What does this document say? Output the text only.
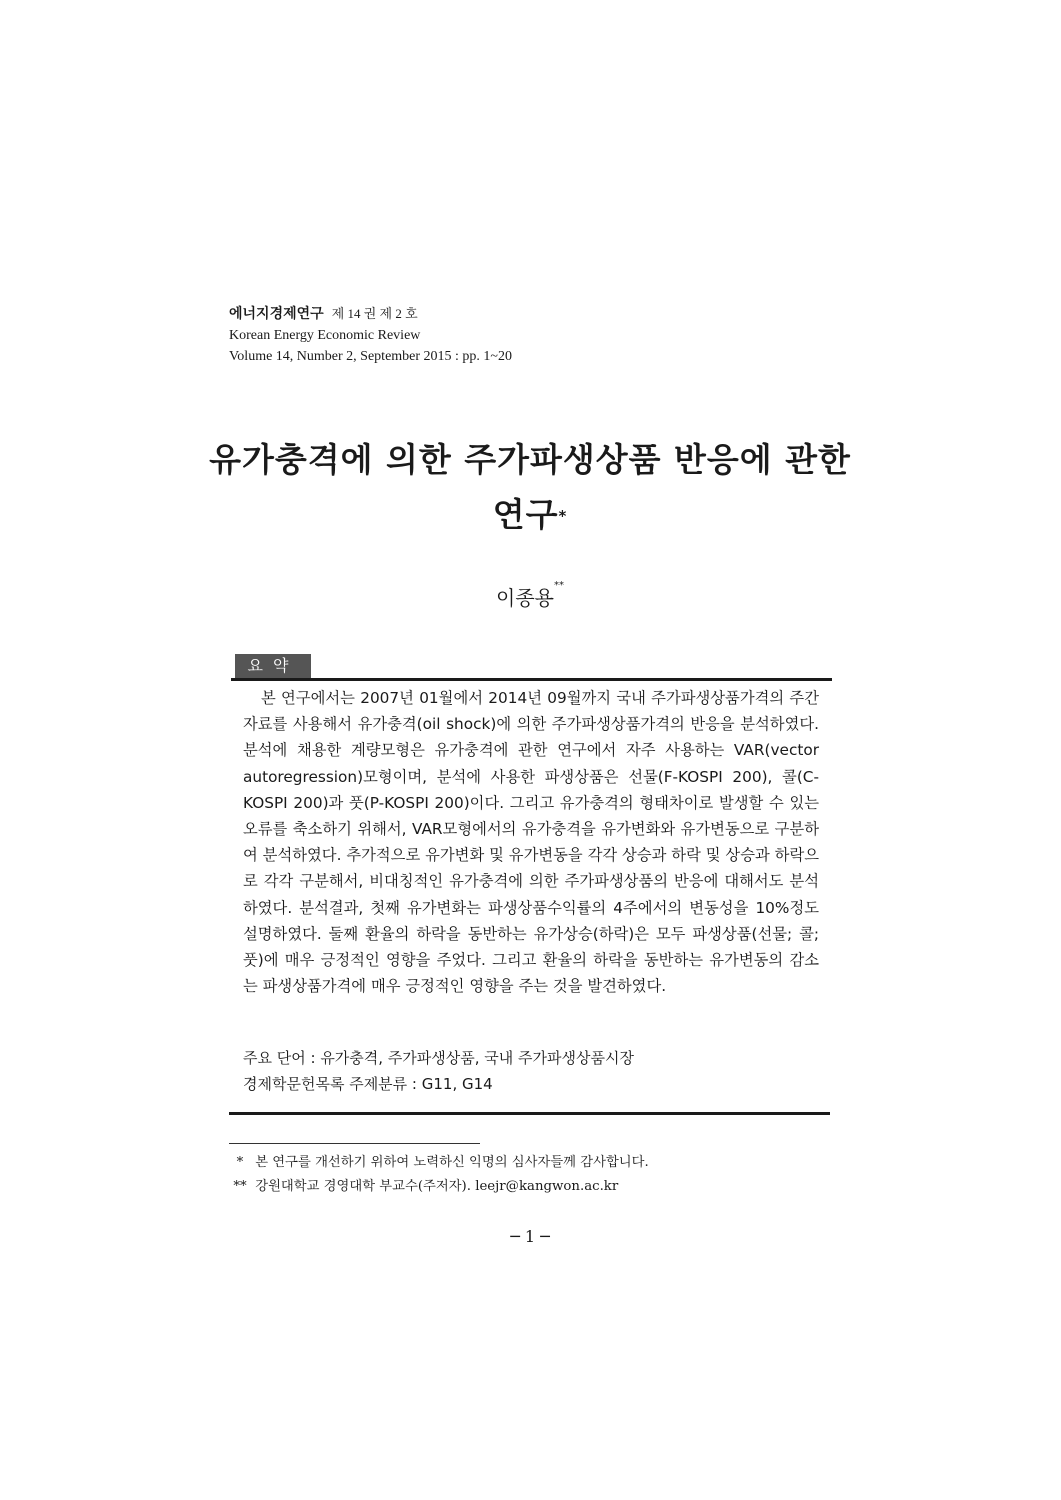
에너지경제연구 제 14 권 제 2 호
Korean Energy Economic Review
Volume 14, Number 2, September 2015 : pp. 1~20
유가충격에 의한 주가파생상품 반응에 관한
연구*
이종용**
요약

본 연구에서는 2007년 01월에서 2014년 09월까지 국내 주가파생상품가격의 주간자료를 사용해서 유가충격(oil shock)에 의한 주가파생상품가격의 반응을 분석하였다. 분석에 채용한 계량모형은 유가충격에 관한 연구에서 자주 사용하는 VAR(vector autoregression)모형이며, 분석에 사용한 파생상품은 선물(F-KOSPI 200), 콜(C-KOSPI 200)과 풋(P-KOSPI 200)이다. 그리고 유가충격의 형태차이로 발생할 수 있는 오류를 축소하기 위해서, VAR모형에서의 유가충격을 유가변화와 유가변동으로 구분하여 분석하였다. 추가적으로 유가변화 및 유가변동을 각각 상승과 하락 및 상승과 하락으로 각각 구분해서, 비대칭적인 유가충격에 의한 주가파생상품의 반응에 대해서도 분석하였다. 분석결과, 첫째 유가변화는 파생상품수익률의 4주에서의 변동성을 10%정도 설명하였다. 둘째 환율의 하락을 동반하는 유가상승(하락)은 모두 파생상품(선물; 콜; 풋)에 매우 긍정적인 영향을 주었다. 그리고 환율의 하락을 동반하는 유가변동의 감소는 파생상품가격에 매우 긍정적인 영향을 주는 것을 발견하였다.

주요 단어 : 유가충격, 주가파생상품, 국내 주가파생상품시장
경제학문헌목록 주제분류 : G11, G14
* 본 연구를 개선하기 위하여 노력하신 익명의 심사자들께 감사합니다.
** 강원대학교 경영대학 부교수(주저자). leejr@kangwon.ac.kr
─ 1 ─
